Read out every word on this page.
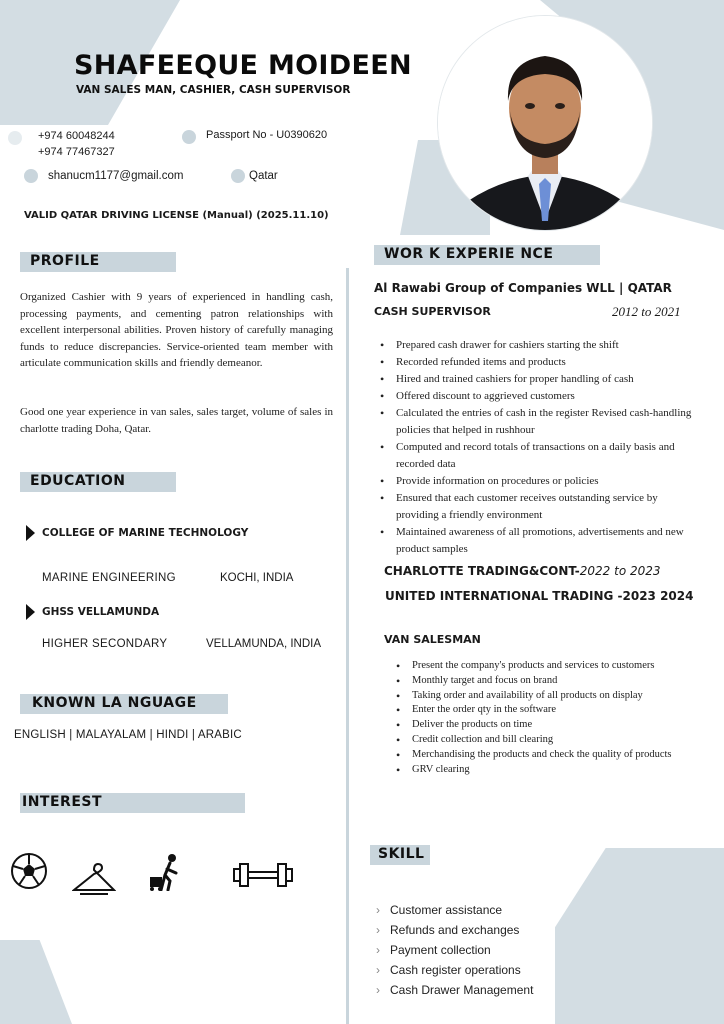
SHAFEEQUE MOIDEEN
VAN SALES MAN, CASHIER, CASH SUPERVISOR
+974 60048244
+974 77467327
Passport No - U0390620
shanucm1177@gmail.com	Qatar
VALID QATAR DRIVING LICENSE (Manual) (2025.11.10)
PROFILE
Organized Cashier with 9 years of experienced in handling cash, processing payments, and cementing patron relationships with excellent interpersonal abilities. Proven history of carefully managing funds to reduce discrepancies. Service-oriented team member with articulate communication skills and friendly demeanor.
Good one year experience in van sales, sales target, volume of sales in charlotte trading Doha, Qatar.
EDUCATION
COLLEGE OF MARINE TECHNOLOGY
MARINE ENGINEERING	KOCHI, INDIA
GHSS VELLAMUNDA
HIGHER SECONDARY	VELLAMUNDA, INDIA
KNOWN LA NGUAGE
ENGLISH | MALAYALAM | HINDI | ARABIC
INTEREST
WOR K EXPERIE NCE
Al Rawabi Group of Companies WLL | QATAR
CASH SUPERVISOR	2012 to 2021
• Prepared cash drawer for cashiers starting the shift
• Recorded refunded items and products
• Hired and trained cashiers for proper handling of cash
• Offered discount to aggrieved customers
• Calculated the entries of cash in the register Revised cash-handling policies that helped in rushhour
• Computed and record totals of transactions on a daily basis and recorded data
• Provide information on procedures or policies
• Ensured that each customer receives outstanding service by providing a friendly environment
• Maintained awareness of all promotions, advertisements and new product samples
CHARLOTTE TRADING&CONT-2022 to 2023
UNITED INTERNATIONAL TRADING -2023 2024
VAN SALESMAN
• Present the company's products and services to customers
• Monthly target and focus on brand
• Taking order and availability of all products on display
• Enter the order qty in the software
• Deliver the products on time
• Credit collection and bill clearing
• Merchandising the products and check the quality of products
• GRV clearing
SKILL
› Customer assistance
› Refunds and exchanges
› Payment collection
› Cash register operations
› Cash Drawer Management
